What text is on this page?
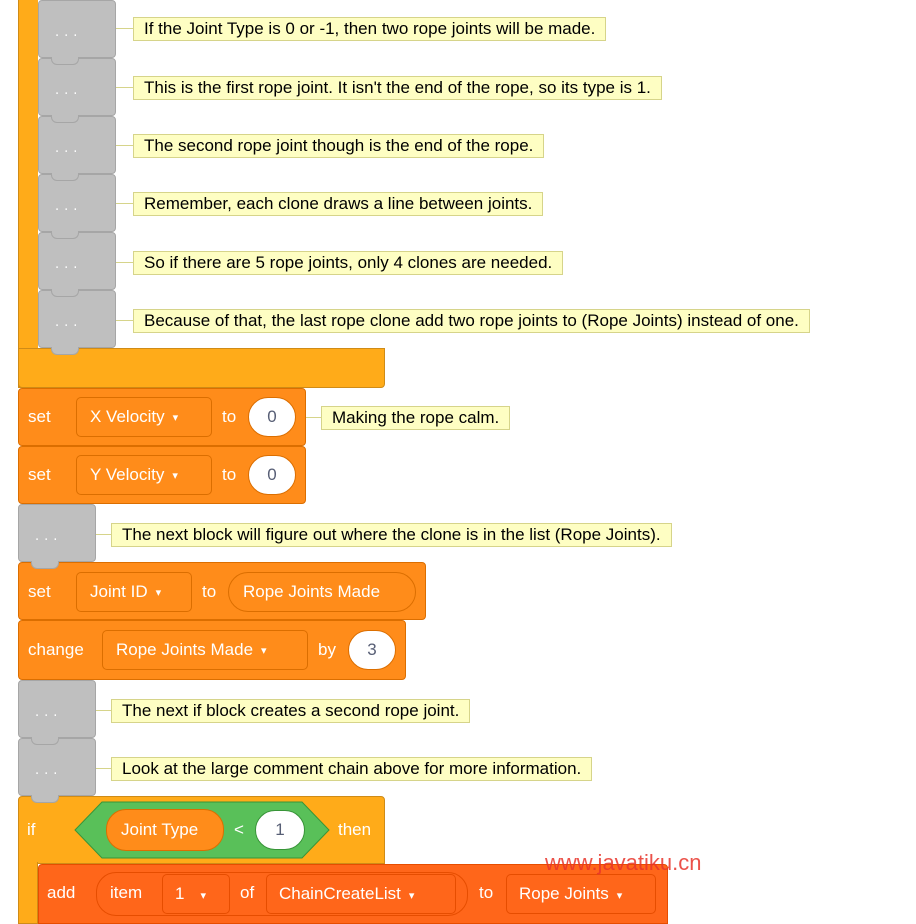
...
...
...
...
...
...
If the Joint Type is 0 or -1, then two rope joints will be made.
This is the first rope joint. It isn't the end of the rope, so its type is 1.
The second rope joint though is the end of the rope.
Remember, each clone draws a line between joints.
So if there are 5 rope joints, only 4 clones are needed.
Because of that, the last rope clone add two rope joints to (Rope Joints) instead of one.
set	X Velocity ▾	to	0	Making the rope calm.
set	Y Velocity ▾	to	0
...	The next block will figure out where the clone is in the list (Rope Joints).
set	Joint ID ▾	to	Rope Joints Made
change	Rope Joints Made ▾	by	3
...	The next if block creates a second rope joint.
...	Look at the large comment chain above for more information.
if	Joint Type	<	1	then
add item	1 ▾	of	ChainCreateList ▾	to	Rope Joints ▾
www.javatiku.cn
